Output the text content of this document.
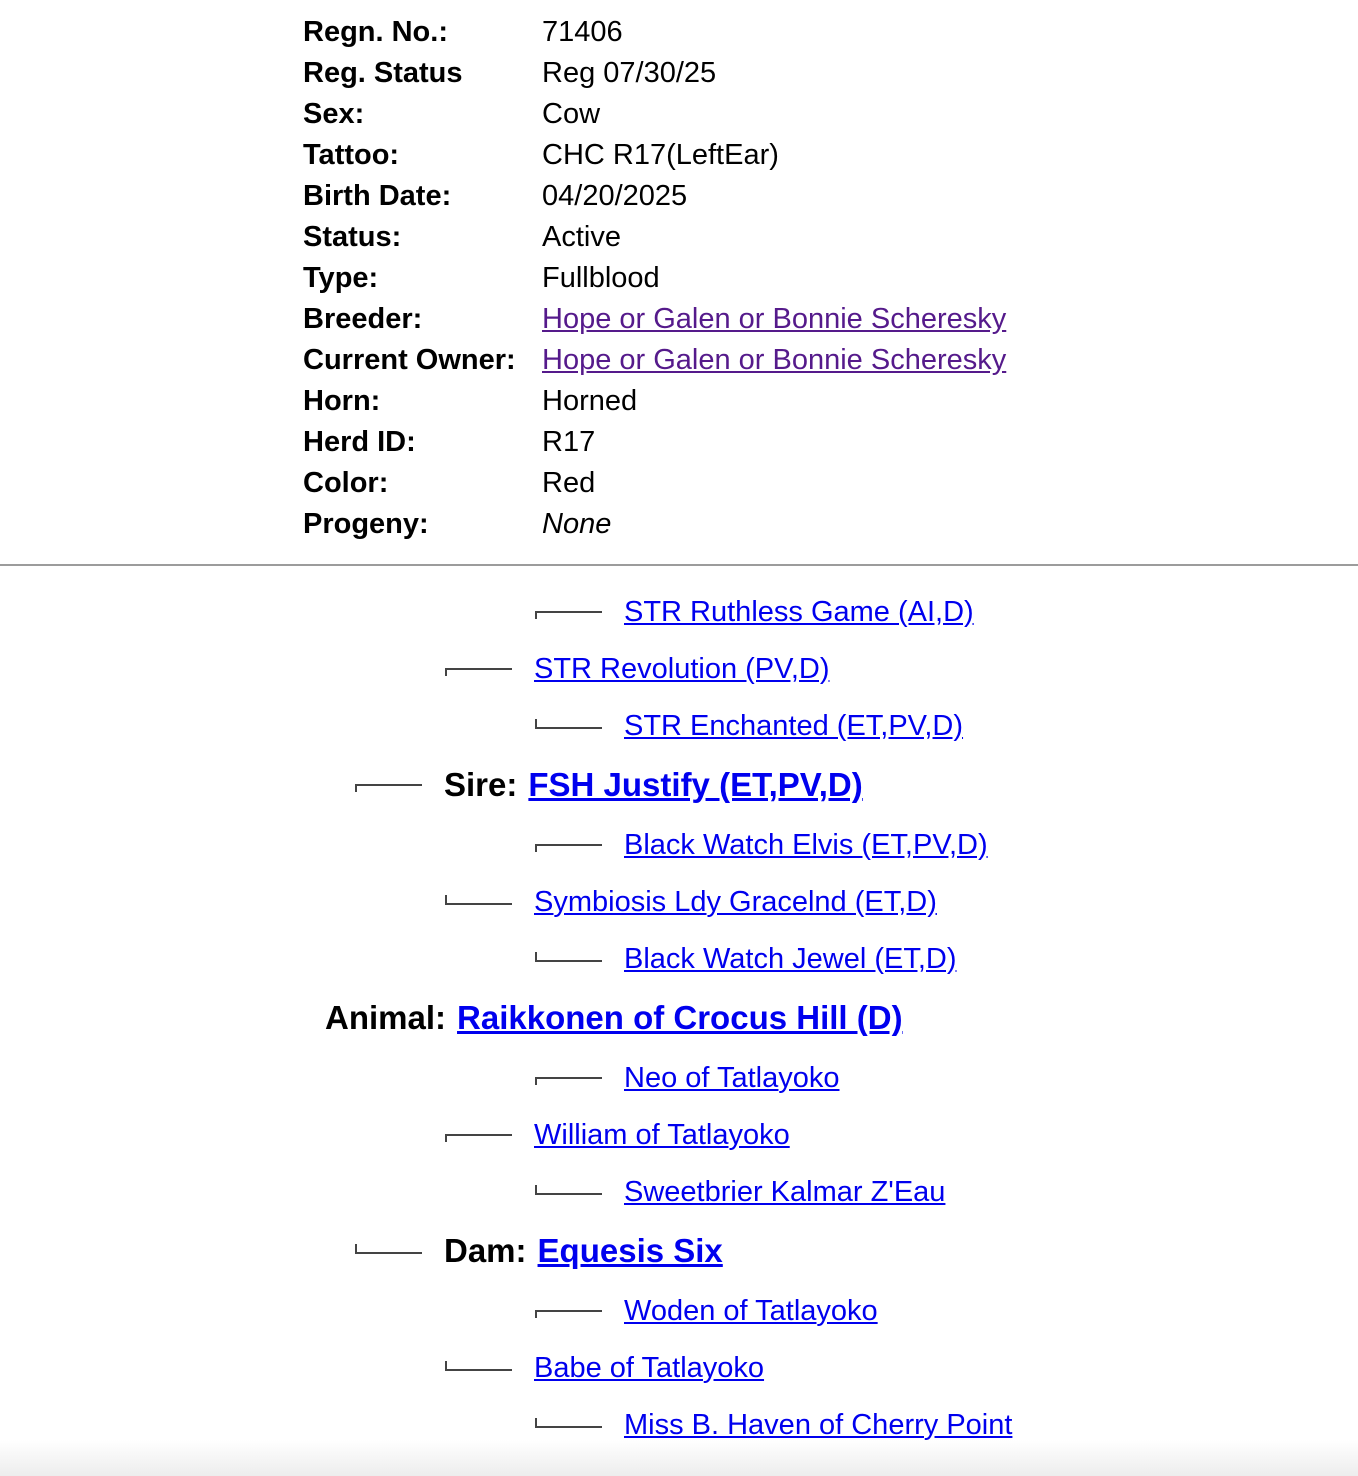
Regn. No.:	71406
Reg. Status	Reg 07/30/25
Sex:	Cow
Tattoo:	CHC R17(LeftEar)
Birth Date:	04/20/2025
Status:	Active
Type:	Fullblood
Breeder:	Hope or Galen or Bonnie Scheresky
Current Owner:	Hope or Galen or Bonnie Scheresky
Horn:	Horned
Herd ID:	R17
Color:	Red
Progeny:	None
STR Ruthless Game (AI,D)
STR Revolution (PV,D)
STR Enchanted (ET,PV,D)
Sire: FSH Justify (ET,PV,D)
Black Watch Elvis (ET,PV,D)
Symbiosis Ldy Gracelnd (ET,D)
Black Watch Jewel (ET,D)
Animal: Raikkonen of Crocus Hill (D)
Neo of Tatlayoko
William of Tatlayoko
Sweetbrier Kalmar Z'Eau
Dam: Equesis Six
Woden of Tatlayoko
Babe of Tatlayoko
Miss B. Haven of Cherry Point
